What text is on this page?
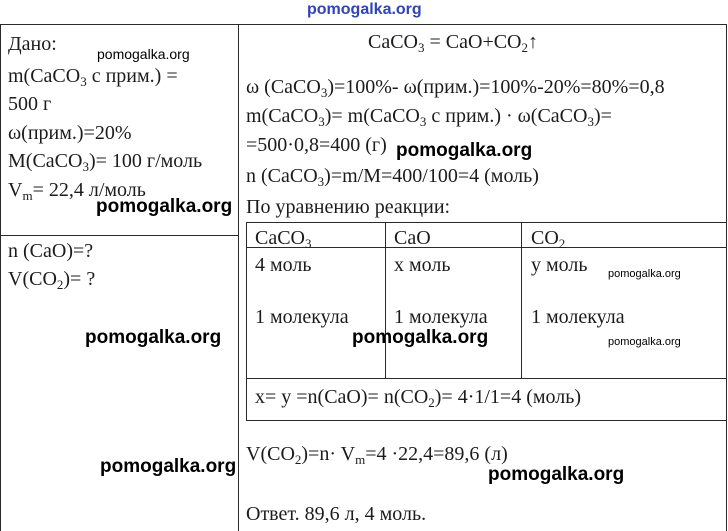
pomogalka.org
Дано:
m(CaCO$_3$ с прим.) =
500 г
ω(прим.)=20%
M(CaCO$_3$)= 100 г/моль
$V_m= 22,4$ л/моль
n (CaO)=?
$V(CO_2)=$ ?
CaCO$_3$ = $CaO+CO_2↑$
ω (CaCO$_3$)=100%- ω(прим.)=100%-20%=80%=0,8
m(CaCO$_3$)= m(CaCO$_3$ с прим.) · ω(CaCO$_3$)=
=500·0,8=400 (г)
n (CaCO$_3$)=m/M=400/100=4 (моль)
По уравнению реакции:
CaCO$_3$	CaO	$CO_2$
4 моль	х моль	у моль
1 молекула 1 молекула 1 молекула
$x= y =n(CaO)= n(CO_2)= 4\cdot 1/1=4$ (моль)
$V(CO_2)=n\cdot V_m=4 \cdot 22,4=89,6$ (л)
Ответ. 89,6 л, 4 моль.
pomogalka.org
pomogalka.org
pomogalka.org
pomogalka.org
pomogalka.org	pomogalka.org	pomogalka.org
pomogalka.org	pomogalka.org
